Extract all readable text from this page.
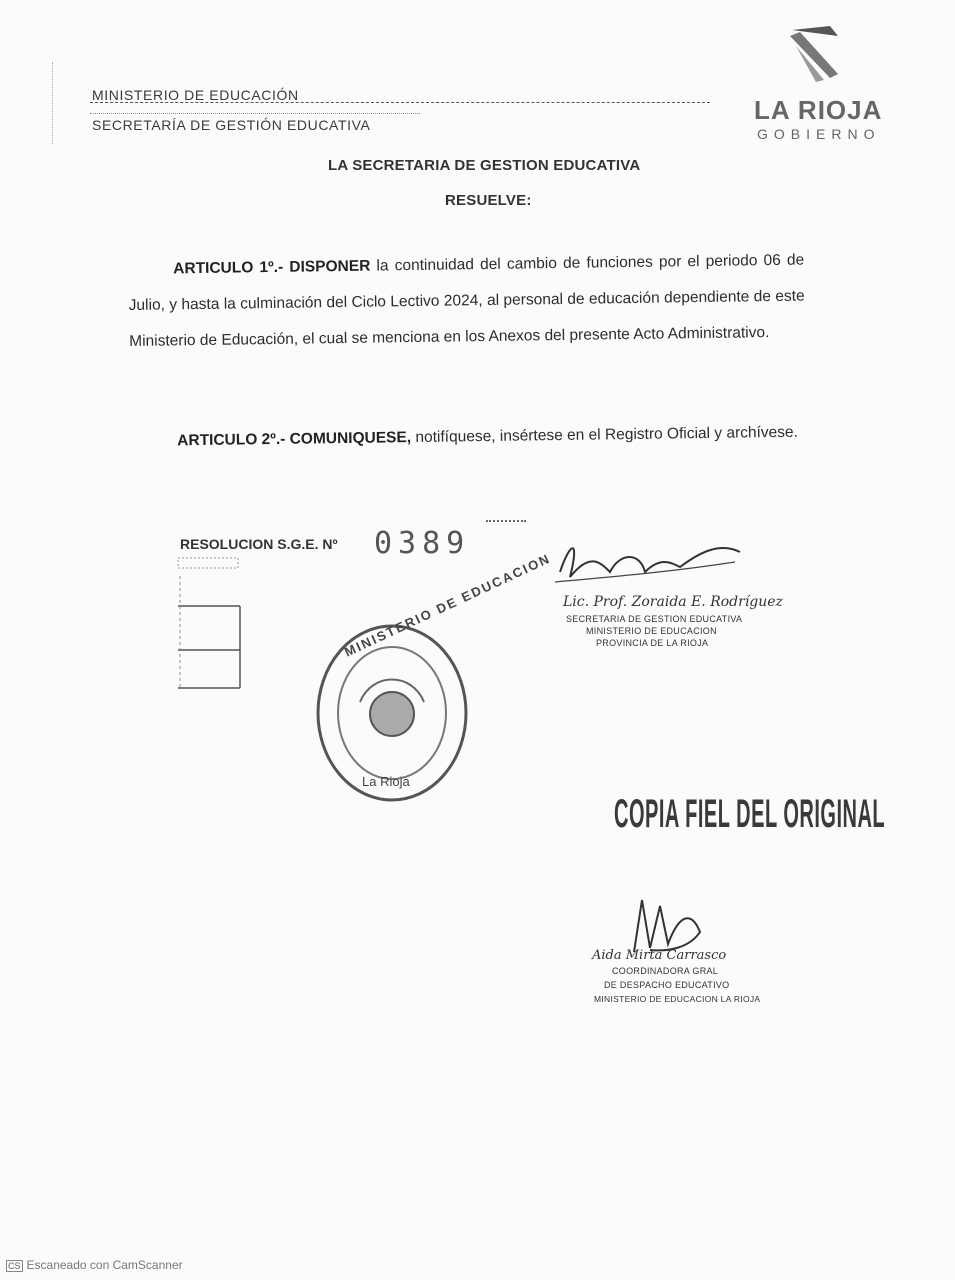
MINISTERIO DE EDUCACIÓN
SECRETARÍA DE GESTIÓN EDUCATIVA	LA RIOJA
GOBIERNO
LA SECRETARIA DE GESTION EDUCATIVA
RESUELVE:
ARTICULO 1º.- DISPONER la continuidad del cambio de funciones por el periodo 06 de Julio, y hasta la culminación del Ciclo Lectivo 2024, al personal de educación dependiente de este Ministerio de Educación, el cual se menciona en los Anexos del presente Acto Administrativo.
ARTICULO 2º.- COMUNIQUESE, notifíquese, insértese en el Registro Oficial y archívese.
RESOLUCION S.G.E. Nº 0389
Lic. Prof. Zoraida E. Rodríguez
SECRETARIA DE GESTION EDUCATIVA
MINISTERIO DE EDUCACION
PROVINCIA DE LA RIOJA
MINISTERIO DE EDUCACION
La Rioja
COPIA FIEL DEL ORIGINAL
Aida Mirta Carrasco
COORDINADORA GRAL
DE DESPACHO EDUCATIVO
MINISTERIO DE EDUCACION LA RIOJA
CS Escaneado con CamScanner
